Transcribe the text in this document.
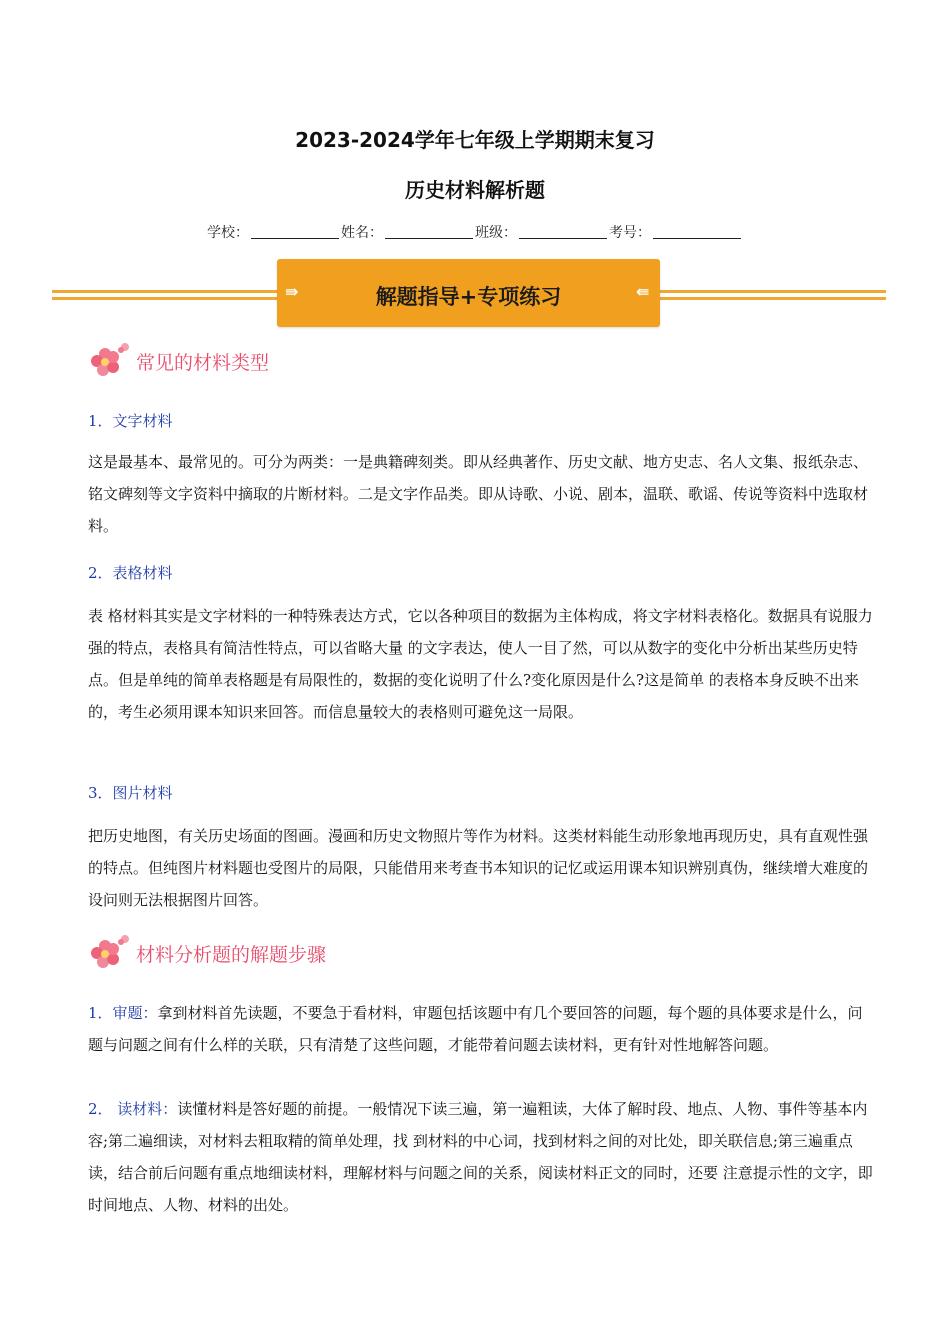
2023-2024学年七年级上学期期末复习
历史材料解析题
学校：	姓名：	班级：	考号：
⇛	解题指导+专项练习	⇚
常见的材料类型
1．文字材料
这是最基本、最常见的。可分为两类：一是典籍碑刻类。即从经典著作、历史文献、地方史志、名人文集、报纸杂志、铭文碑刻等文字资料中摘取的片断材料。二是文字作品类。即从诗歌、小说、剧本，温联、歌谣、传说等资料中选取材料。
2．表格材料
表 格材料其实是文字材料的一种特殊表达方式，它以各种项目的数据为主体构成，将文字材料表格化。数据具有说服力强的特点，表格具有简洁性特点，可以省略大量 的文字表达，使人一目了然，可以从数字的变化中分析出某些历史特点。但是单纯的简单表格题是有局限性的，数据的变化说明了什么?变化原因是什么?这是简单 的表格本身反映不出来的，考生必须用课本知识来回答。而信息量较大的表格则可避免这一局限。
3．图片材料
把历史地图，有关历史场面的图画。漫画和历史文物照片等作为材料。这类材料能生动形象地再现历史，具有直观性强的特点。但纯图片材料题也受图片的局限，只能借用来考查书本知识的记忆或运用课本知识辨别真伪，继续增大难度的设问则无法根据图片回答。
材料分析题的解题步骤
1．审题：拿到材料首先读题，不要急于看材料，审题包括该题中有几个要回答的问题，每个题的具体要求是什么，问题与问题之间有什么样的关联，只有清楚了这些问题，才能带着问题去读材料，更有针对性地解答问题。
2． 读材料：读懂材料是答好题的前提。一般情况下读三遍，第一遍粗读，大体了解时段、地点、人物、事件等基本内容;第二遍细读，对材料去粗取精的简单处理，找 到材料的中心词，找到材料之间的对比处，即关联信息;第三遍重点读，结合前后问题有重点地细读材料，理解材料与问题之间的关系，阅读材料正文的同时，还要 注意提示性的文字，即时间地点、人物、材料的出处。
